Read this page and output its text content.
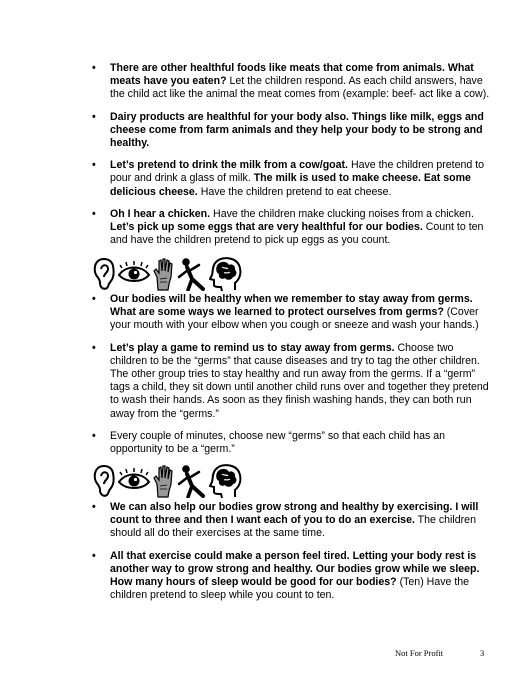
• There are other healthful foods like meats that come from animals. What meats have you eaten? Let the children respond. As each child answers, have the child act like the animal the meat comes from (example: beef- act like a cow).
• Dairy products are healthful for your body also. Things like milk, eggs and cheese come from farm animals and they help your body to be strong and healthy.
• Let’s pretend to drink the milk from a cow/goat. Have the children pretend to pour and drink a glass of milk. The milk is used to make cheese. Eat some delicious cheese. Have the children pretend to eat cheese.
• Oh I hear a chicken. Have the children make clucking noises from a chicken. Let’s pick up some eggs that are very healthful for our bodies. Count to ten and have the children pretend to pick up eggs as you count.
• Our bodies will be healthy when we remember to stay away from germs. What are some ways we learned to protect ourselves from germs? (Cover your mouth with your elbow when you cough or sneeze and wash your hands.)
• Let’s play a game to remind us to stay away from germs. Choose two children to be the “germs” that cause diseases and try to tag the other children. The other group tries to stay healthy and run away from the germs. If a “germ” tags a child, they sit down until another child runs over and together they pretend to wash their hands. As soon as they finish washing hands, they can both run away from the “germs.”
• Every couple of minutes, choose new “germs” so that each child has an opportunity to be a “germ.”
• We can also help our bodies grow strong and healthy by exercising. I will count to three and then I want each of you to do an exercise. The children should all do their exercises at the same time.
• All that exercise could make a person feel tired. Letting your body rest is another way to grow strong and healthy. Our bodies grow while we sleep. How many hours of sleep would be good for our bodies? (Ten) Have the children pretend to sleep while you count to ten.
Not For Profit	3
